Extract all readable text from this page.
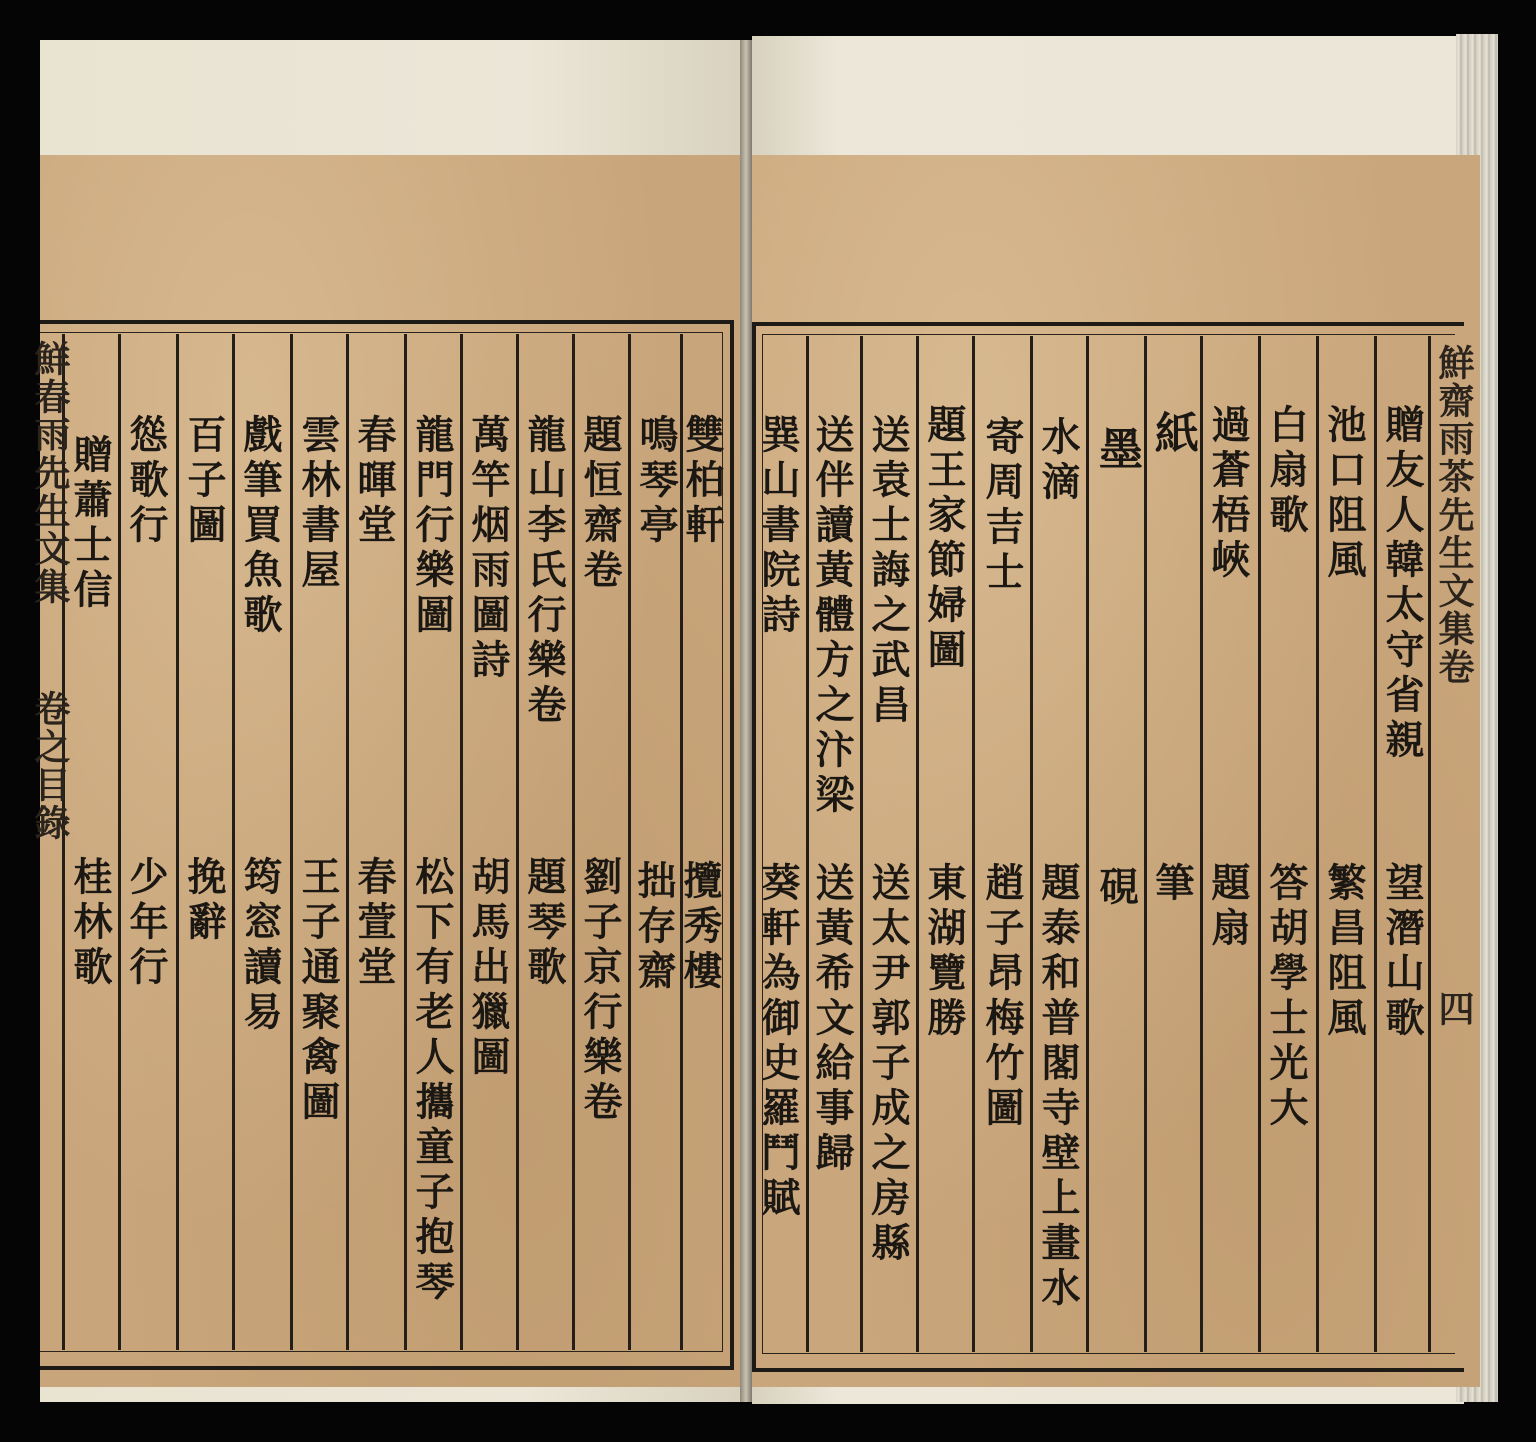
鮮齋雨茶先生文集
卷
四
贈友人韓太守省親
望潛山歌
池口阻風
繁昌阻風
白扇歌
答胡學士光大
過蒼梧峽
題扇
紙
筆
墨
硯
水滴
題泰和普閣寺壁上畫水
寄周吉士
趙子昂梅竹圖
題王家節婦圖
東湖覽勝
送袁士誨之武昌
送太尹郭子成之房縣
送伴讀黃體方之汴梁
送黃希文給事歸
巽山書院詩
葵軒為御史羅鬥賦
鮮春雨先生文集
卷之目錄
雙柏軒
攬秀樓
鳴琴亭
拙存齋
題恒齋卷
劉子京行樂卷
龍山李氏行樂卷
題琴歌
萬竿烟雨圖詩
胡馬出獵圖
龍門行樂圖
松下有老人攜童子抱琴
春暉堂
春萱堂
雲林書屋
王子通聚禽圖
戲筆買魚歌
筠窓讀易
百子圖
挽辭
慫歌行
少年行
贈蕭士信
桂林歌
